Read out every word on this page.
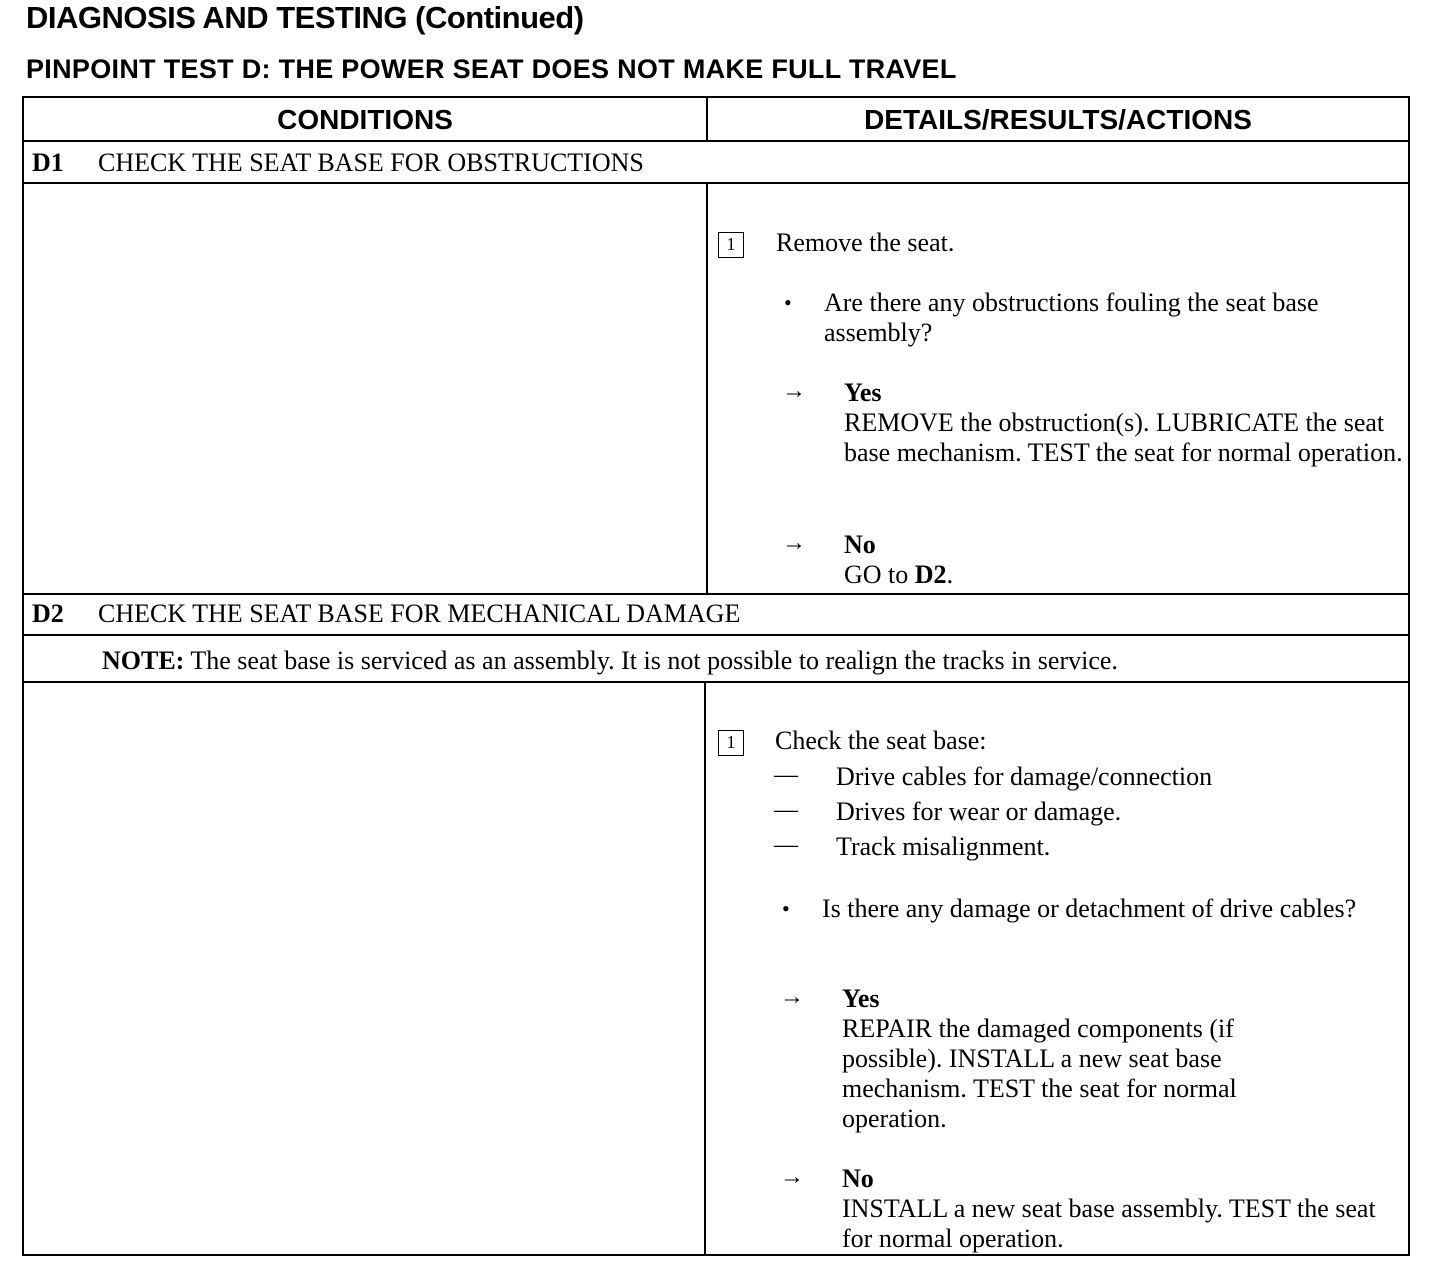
DIAGNOSIS AND TESTING (Continued)
PINPOINT TEST D: THE POWER SEAT DOES NOT MAKE FULL TRAVEL
CONDITIONS	DETAILS/RESULTS/ACTIONS
D1 CHECK THE SEAT BASE FOR OBSTRUCTIONS
1	Remove the seat.
• Are there any obstructions fouling the seat base assembly?
→ Yes
REMOVE the obstruction(s). LUBRICATE the seat base mechanism. TEST the seat for normal operation.
→ No
GO to D2.
D2 CHECK THE SEAT BASE FOR MECHANICAL DAMAGE
NOTE: The seat base is serviced as an assembly. It is not possible to realign the tracks in service.
1	Check the seat base:
— Drive cables for damage/connection
— Drives for wear or damage.
— Track misalignment.
• Is there any damage or detachment of drive cables?
→ Yes
REPAIR the damaged components (if possible). INSTALL a new seat base mechanism. TEST the seat for normal operation.
→ No
INSTALL a new seat base assembly. TEST the seat for normal operation.
